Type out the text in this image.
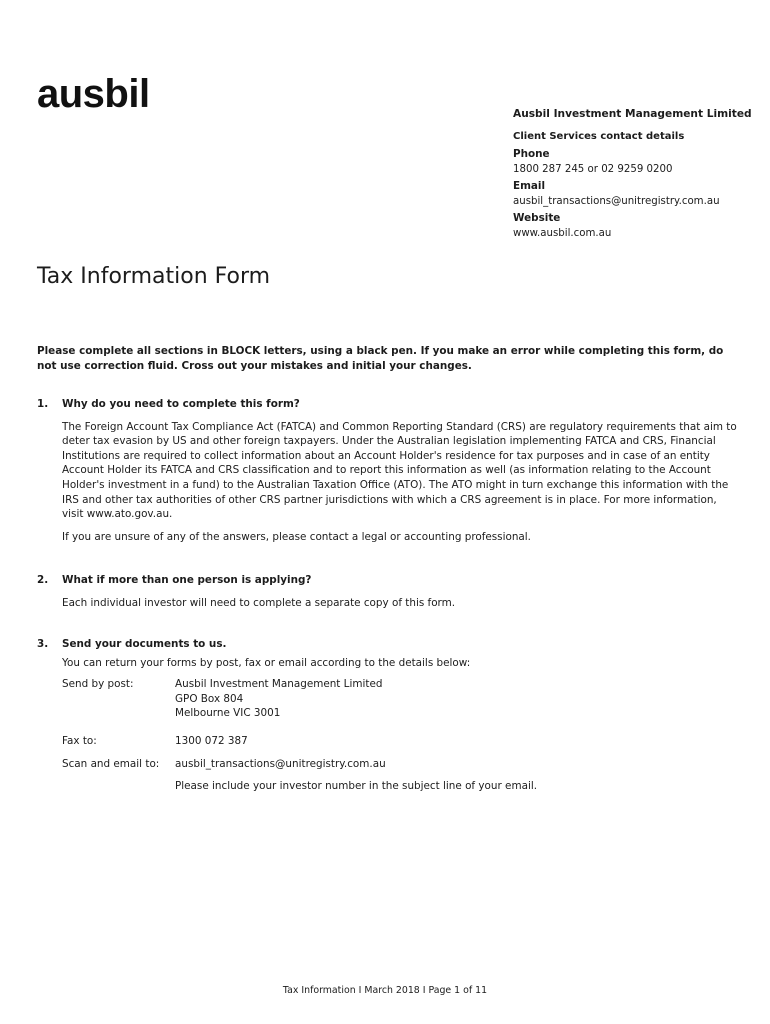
ausbil	Ausbil Investment Management Limited
Client Services contact details
Phone
1800 287 245 or 02 9259 0200
Email
ausbil_transactions@unitregistry.com.au
Website
www.ausbil.com.au
Tax Information Form
Please complete all sections in BLOCK letters, using a black pen. If you make an error while completing this form, do not use correction fluid. Cross out your mistakes and initial your changes.
1. Why do you need to complete this form?
The Foreign Account Tax Compliance Act (FATCA) and Common Reporting Standard (CRS) are regulatory requirements that aim to deter tax evasion by US and other foreign taxpayers. Under the Australian legislation implementing FATCA and CRS, Financial Institutions are required to collect information about an Account Holder's residence for tax purposes and in case of an entity Account Holder its FATCA and CRS classification and to report this information as well (as information relating to the Account Holder's investment in a fund) to the Australian Taxation Office (ATO). The ATO might in turn exchange this information with the IRS and other tax authorities of other CRS partner jurisdictions with which a CRS agreement is in place. For more information, visit www.ato.gov.au.
If you are unsure of any of the answers, please contact a legal or accounting professional.
2. What if more than one person is applying?
Each individual investor will need to complete a separate copy of this form.
3. Send your documents to us.
You can return your forms by post, fax or email according to the details below:
Send by post:	Ausbil Investment Management Limited
GPO Box 804
Melbourne VIC 3001
Fax to:	1300 072 387
Scan and email to:	ausbil_transactions@unitregistry.com.au
Please include your investor number in the subject line of your email.
Tax Information I March 2018 I Page 1 of 11
